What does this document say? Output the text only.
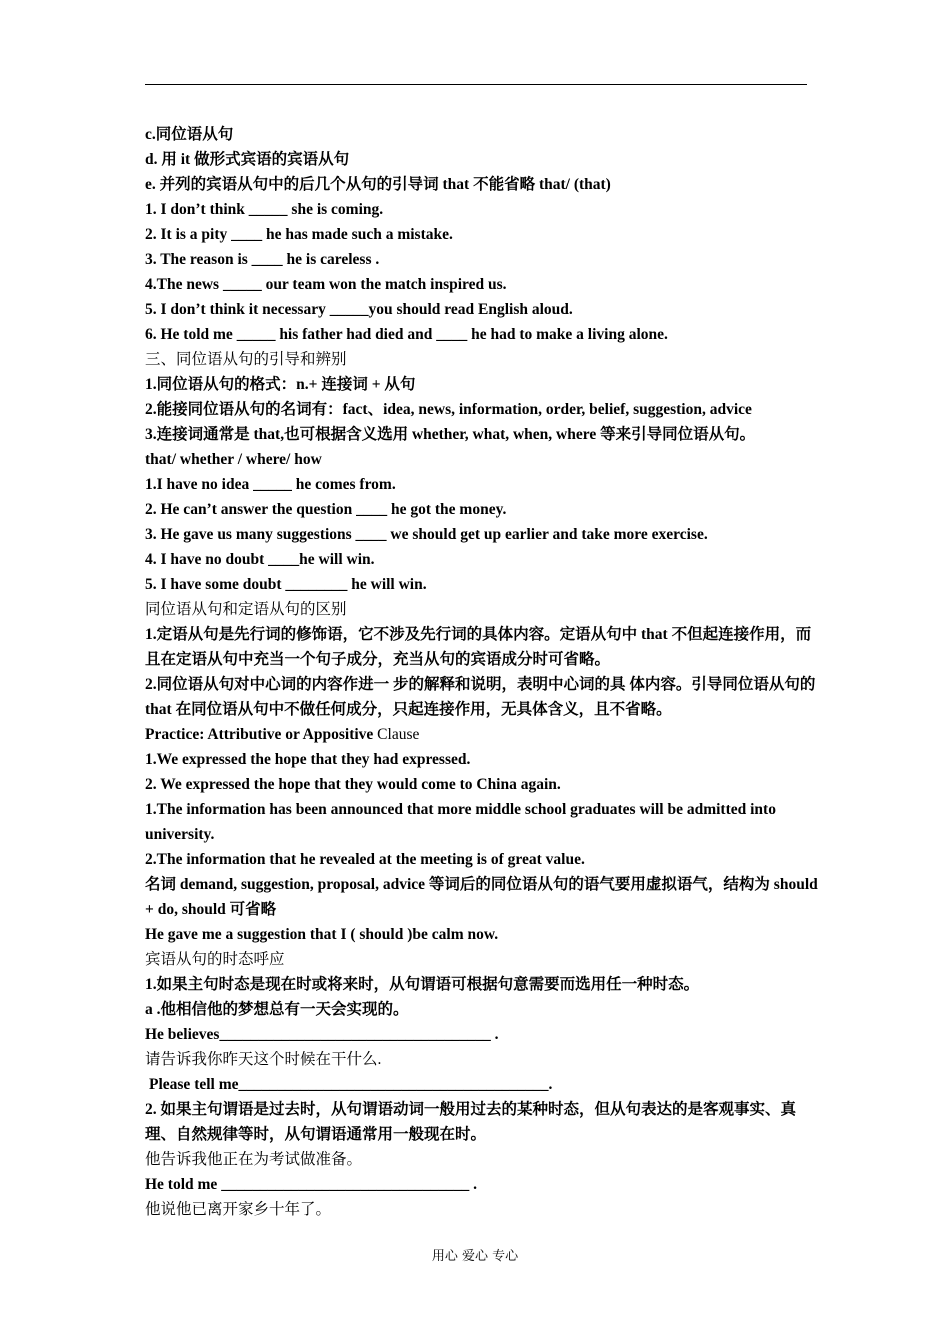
c.同位语从句
d. 用 it 做形式宾语的宾语从句
e. 并列的宾语从句中的后几个从句的引导词 that 不能省略 that/ (that)
1. I don’t think _____ she is coming.
2. It is a pity ____ he has made such a mistake.
3. The reason is ____ he is careless .
4.The news _____ our team won the match inspired us.
5. I don’t think it necessary _____you should read English aloud.
6. He told me _____ his father had died and ____ he had to make a living alone.
三、同位语从句的引导和辨别
1.同位语从句的格式：n.+ 连接词 + 从句
2.能接同位语从句的名词有：fact、idea, news, information, order, belief, suggestion, advice
3.连接词通常是 that,也可根据含义选用 whether, what, when, where 等来引导同位语从句。
that/ whether / where/ how
1.I have no idea _____ he comes from.
2. He can’t answer the question ____ he got the money.
3. He gave us many suggestions ____ we should get up earlier and take more exercise.
4. I have no doubt ____he will win.
5. I have some doubt ________ he will win.
同位语从句和定语从句的区别
1.定语从句是先行词的修饰语，它不涉及先行词的具体内容。定语从句中 that 不但起连接作用，而且在定语从句中充当一个句子成分，充当从句的宾语成分时可省略。
2.同位语从句对中心词的内容作进一 步的解释和说明，表明中心词的具 体内容。引导同位语从句的 that 在同位语从句中不做任何成分，只起连接作用，无具体含义，且不省略。
Practice: Attributive or Appositive Clause
1.We expressed the hope that they had expressed.
2. We expressed the hope that they would come to China again.
1.The information has been announced that more middle school graduates will be admitted into university.
2.The information that he revealed at the meeting is of great value.
名词 demand, suggestion, proposal, advice 等词后的同位语从句的语气要用虚拟语气，结构为 should + do, should 可省略
He gave me a suggestion that I ( should )be calm now.
宾语从句的时态呼应
1.如果主句时态是现在时或将来时，从句谓语可根据句意需要而选用任一种时态。
a .他相信他的梦想总有一天会实现的。
He believes___________________________________ .
请告诉我你昨天这个时候在干什么.
Please tell me________________________________________.
2. 如果主句谓语是过去时，从句谓语动词一般用过去的某种时态，但从句表达的是客观事实、真理、自然规律等时，从句谓语通常用一般现在时。
他告诉我他正在为考试做准备。
He told me ________________________________ .
他说他已离开家乡十年了。
用心 爱心 专心
